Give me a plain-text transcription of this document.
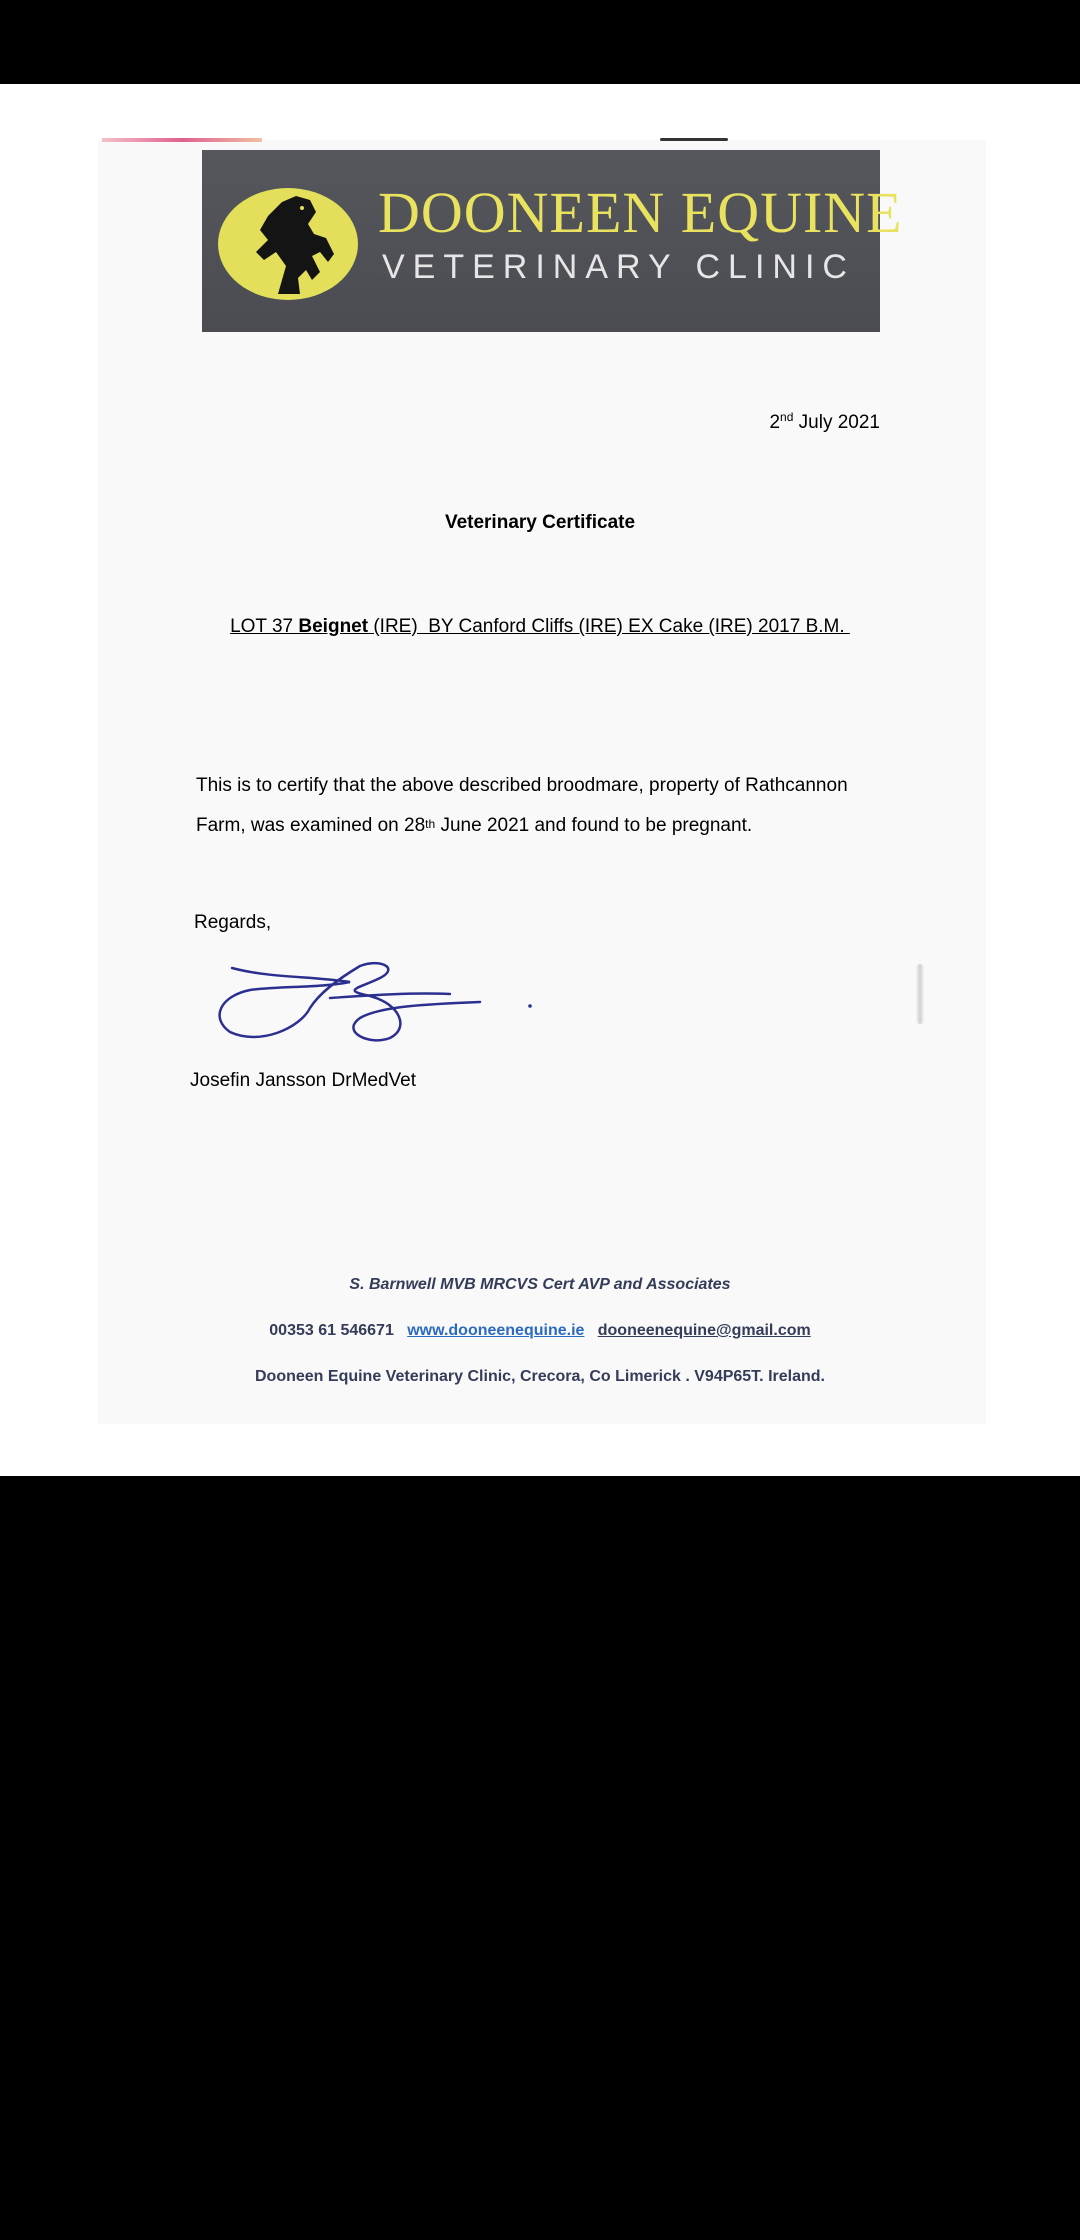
DOONEEN EQUINE
VETERINARY CLINIC
2nd July 2021
Veterinary Certificate
LOT 37 Beignet (IRE)  BY Canford Cliffs (IRE) EX Cake (IRE) 2017 B.M.
This is to certify that the above described broodmare, property of Rathcannon Farm, was examined on 28th June 2021 and found to be pregnant.
Regards,
Josefin Jansson DrMedVet
S. Barnwell MVB MRCVS Cert AVP and Associates
00353 61 546671 www.dooneenequine.ie dooneenequine@gmail.com
Dooneen Equine Veterinary Clinic, Crecora, Co Limerick . V94P65T. Ireland.
